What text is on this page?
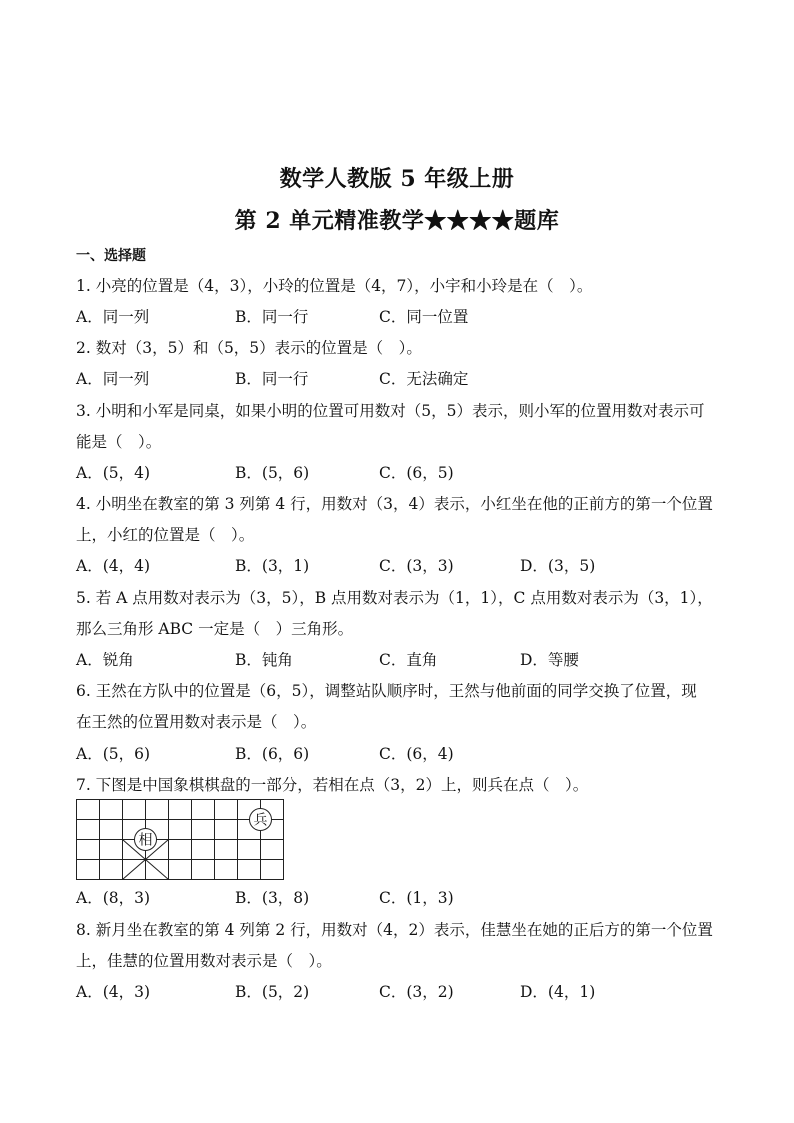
数学人教版 5 年级上册
第 2 单元精准教学★★★★题库
一、选择题
1. 小亮的位置是（4，3），小玲的位置是（4，7），小宇和小玲是在（　）。
A．同一列	B．同一行	C．同一位置
2. 数对（3，5）和（5，5）表示的位置是（　）。
A．同一列	B．同一行	C．无法确定
3. 小明和小军是同桌，如果小明的位置可用数对（5，5）表示，则小军的位置用数对表示可
能是（　）。
A．(5，4)	B．(5，6)	C．(6，5)
4. 小明坐在教室的第 3 列第 4 行，用数对（3，4）表示，小红坐在他的正前方的第一个位置
上，小红的位置是（　）。
A．(4，4)	B．(3，1)	C．(3，3)	D．(3，5)
5. 若 A 点用数对表示为（3，5），B 点用数对表示为（1，1），C 点用数对表示为（3，1），
那么三角形 ABC 一定是（　）三角形。
A．锐角	B．钝角	C．直角	D．等腰
6. 王然在方队中的位置是（6，5），调整站队顺序时，王然与他前面的同学交换了位置，现
在王然的位置用数对表示是（　）。
A．(5，6)	B．(6，6)	C．(6，4)
7. 下图是中国象棋棋盘的一部分，若相在点（3，2）上，则兵在点（　）。
相
兵
A．(8，3)	B．(3，8)	C．(1，3)
8. 新月坐在教室的第 4 列第 2 行，用数对（4，2）表示，佳慧坐在她的正后方的第一个位置
上，佳慧的位置用数对表示是（　）。
A．(4，3)	B．(5，2)	C．(3，2)	D．(4，1)
